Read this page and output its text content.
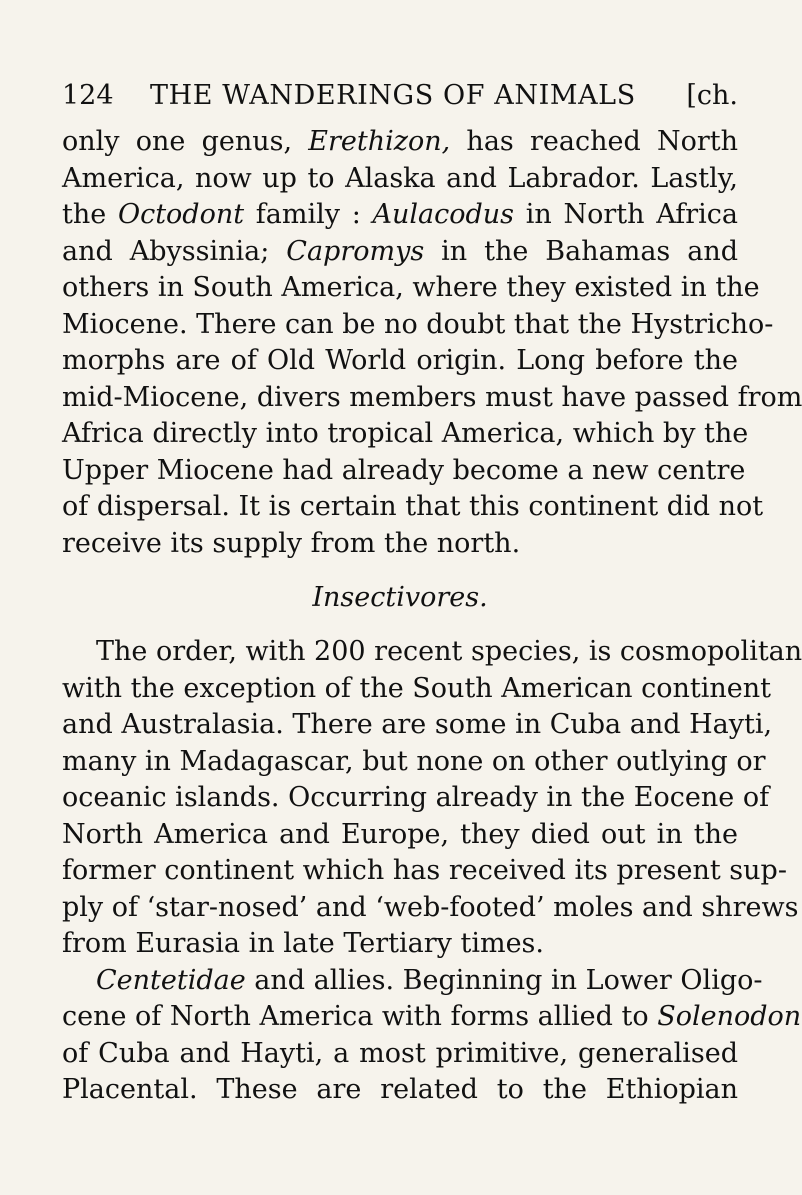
124 THE WANDERINGS OF ANIMALS [ch.
only one genus, Erethizon, has reached North
America, now up to Alaska and Labrador. Lastly,
the Octodont family : Aulacodus in North Africa
and Abyssinia; Capromys in the Bahamas and
others in South America, where they existed in the
Miocene. There can be no doubt that the Hystricho-
morphs are of Old World origin. Long before the
mid-Miocene, divers members must have passed from
Africa directly into tropical America, which by the
Upper Miocene had already become a new centre
of dispersal. It is certain that this continent did not
receive its supply from the north.
Insectivores.
The order, with 200 recent species, is cosmopolitan
with the exception of the South American continent
and Australasia. There are some in Cuba and Hayti,
many in Madagascar, but none on other outlying or
oceanic islands. Occurring already in the Eocene of
North America and Europe, they died out in the
former continent which has received its present sup-
ply of ‘star-nosed’ and ‘web-footed’ moles and shrews
from Eurasia in late Tertiary times.
Centetidae and allies. Beginning in Lower Oligo-
cene of North America with forms allied to Solenodon
of Cuba and Hayti, a most primitive, generalised
Placental. These are related to the Ethiopian
